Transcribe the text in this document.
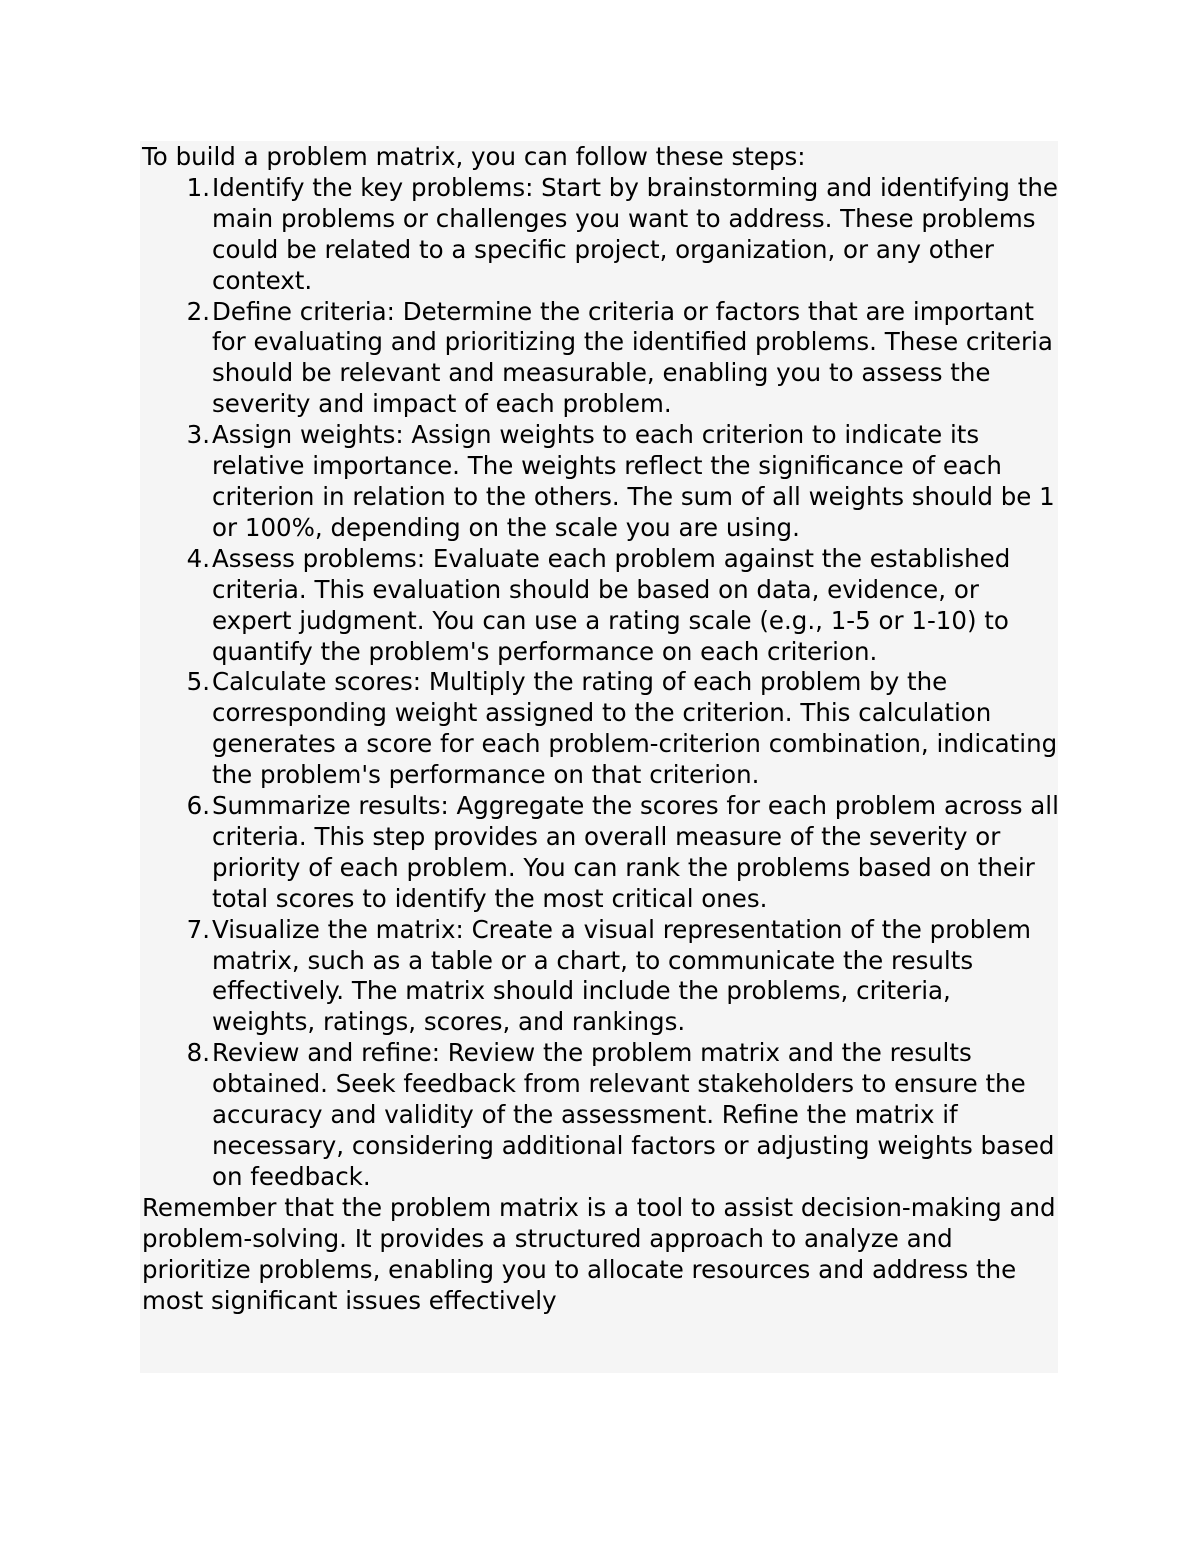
To build a problem matrix, you can follow these steps:

1. Identify the key problems: Start by brainstorming and identifying the main problems or challenges you want to address. These problems could be related to a specific project, organization, or any other context.
2. Define criteria: Determine the criteria or factors that are important for evaluating and prioritizing the identified problems. These criteria should be relevant and measurable, enabling you to assess the severity and impact of each problem.
3. Assign weights: Assign weights to each criterion to indicate its relative importance. The weights reflect the significance of each criterion in relation to the others. The sum of all weights should be 1 or 100%, depending on the scale you are using.
4. Assess problems: Evaluate each problem against the established criteria. This evaluation should be based on data, evidence, or expert judgment. You can use a rating scale (e.g., 1-5 or 1-10) to quantify the problem's performance on each criterion.
5. Calculate scores: Multiply the rating of each problem by the corresponding weight assigned to the criterion. This calculation generates a score for each problem-criterion combination, indicating the problem's performance on that criterion.
6. Summarize results: Aggregate the scores for each problem across all criteria. This step provides an overall measure of the severity or priority of each problem. You can rank the problems based on their total scores to identify the most critical ones.
7. Visualize the matrix: Create a visual representation of the problem matrix, such as a table or a chart, to communicate the results effectively. The matrix should include the problems, criteria, weights, ratings, scores, and rankings.
8. Review and refine: Review the problem matrix and the results obtained. Seek feedback from relevant stakeholders to ensure the accuracy and validity of the assessment. Refine the matrix if necessary, considering additional factors or adjusting weights based on feedback.

Remember that the problem matrix is a tool to assist decision-making and problem-solving. It provides a structured approach to analyze and prioritize problems, enabling you to allocate resources and address the most significant issues effectively
